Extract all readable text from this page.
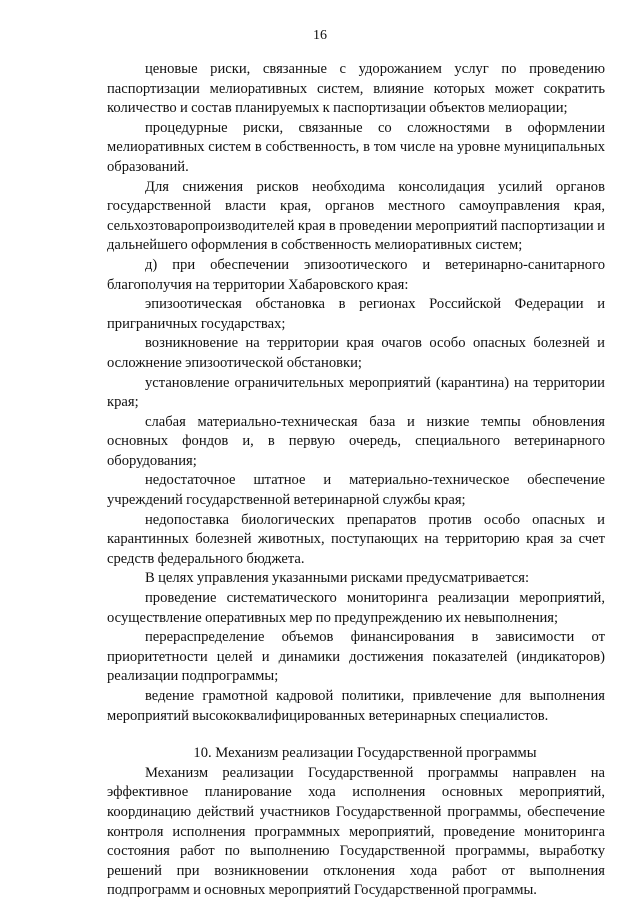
16

ценовые риски, связанные с удорожанием услуг по проведению паспортизации мелиоративных систем, влияние которых может сократить количество и состав планируемых к паспортизации объектов мелиорации;

процедурные риски, связанные со сложностями в оформлении мелиоративных систем в собственность, в том числе на уровне муниципальных образований.

Для снижения рисков необходима консолидация усилий органов государственной власти края, органов местного самоуправления края, сельхозтоваропроизводителей края в проведении мероприятий паспортизации и дальнейшего оформления в собственность мелиоративных систем;

д) при обеспечении эпизоотического и ветеринарно-санитарного благополучия на территории Хабаровского края:

эпизоотическая обстановка в регионах Российской Федерации и приграничных государствах;

возникновение на территории края очагов особо опасных болезней и осложнение эпизоотической обстановки;

установление ограничительных мероприятий (карантина) на территории края;

слабая материально-техническая база и низкие темпы обновления основных фондов и, в первую очередь, специального ветеринарного оборудования;

недостаточное штатное и материально-техническое обеспечение учреждений государственной ветеринарной службы края;

недопоставка биологических препаратов против особо опасных и карантинных болезней животных, поступающих на территорию края за счет средств федерального бюджета.

В целях управления указанными рисками предусматривается:

проведение систематического мониторинга реализации мероприятий, осуществление оперативных мер по предупреждению их невыполнения;

перераспределение объемов финансирования в зависимости от приоритетности целей и динамики достижения показателей (индикаторов) реализации подпрограммы;

ведение грамотной кадровой политики, привлечение для выполнения мероприятий высококвалифицированных ветеринарных специалистов.

10. Механизм реализации Государственной программы

Механизм реализации Государственной программы направлен на эффективное планирование хода исполнения основных мероприятий, координацию действий участников Государственной программы, обеспечение контроля исполнения программных мероприятий, проведение мониторинга состояния работ по выполнению Государственной программы, выработку решений при возникновении отклонения хода работ от выполнения подпрограмм и основных мероприятий Государственной программы.
